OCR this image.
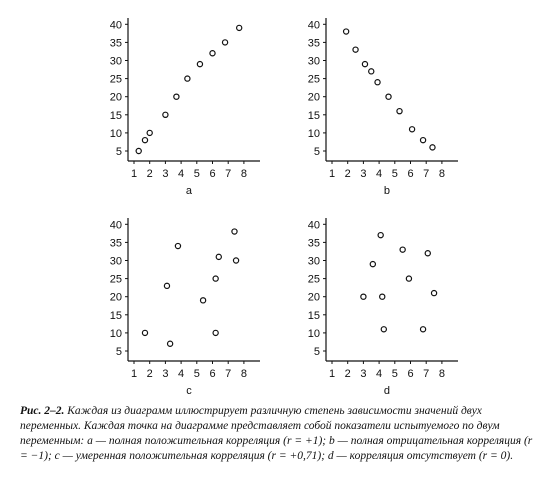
5
10
15
20
25
30
35
40
1 2 3 4 5 6 7 8
a
5
10
15
20
25
30
35
40
1 2 3 4 5 6 7 8
b
5
10
15
20
25
30
35
40
1 2 3 4 5 6 7 8
c
5
10
15
20
25
30
35
40
1 2 3 4 5 6 7 8
d
Рис. 2–2. Каждая из диаграмм иллюстрирует различную степень зависимости значений двух переменных. Каждая точка на диаграмме представляет собой показатели испытуемого по двум переменным: a — полная положительная корреляция (r = +1); b — полная отрицательная корреляция (r = −1); c — умеренная положительная корреляция (r = +0,71); d — корреляция отсутствует (r = 0).
